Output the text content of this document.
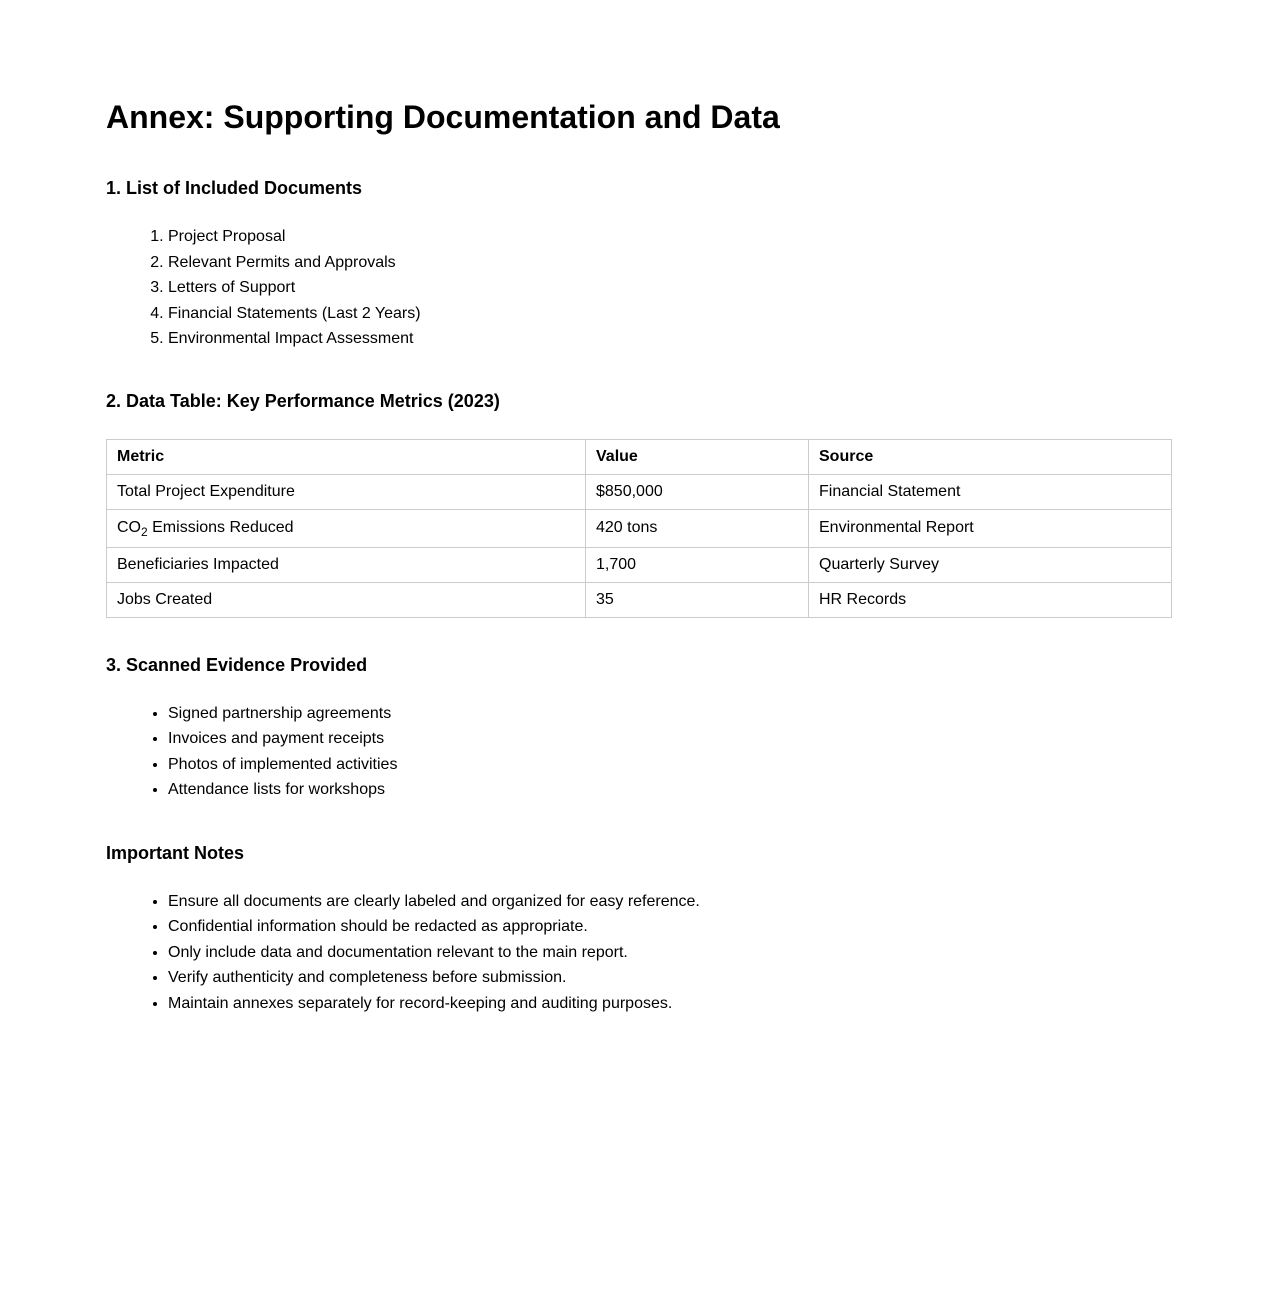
Annex: Supporting Documentation and Data
1. List of Included Documents
1. Project Proposal
2. Relevant Permits and Approvals
3. Letters of Support
4. Financial Statements (Last 2 Years)
5. Environmental Impact Assessment
2. Data Table: Key Performance Metrics (2023)
Metric	Value	Source
Total Project Expenditure	$850,000	Financial Statement
$CO_2$ Emissions Reduced	420 tons	Environmental Report
Beneficiaries Impacted	1,700	Quarterly Survey
Jobs Created	35	HR Records
3. Scanned Evidence Provided
• Signed partnership agreements
• Invoices and payment receipts
• Photos of implemented activities
• Attendance lists for workshops
Important Notes
• Ensure all documents are clearly labeled and organized for easy reference.
• Confidential information should be redacted as appropriate.
• Only include data and documentation relevant to the main report.
• Verify authenticity and completeness before submission.
• Maintain annexes separately for record-keeping and auditing purposes.
